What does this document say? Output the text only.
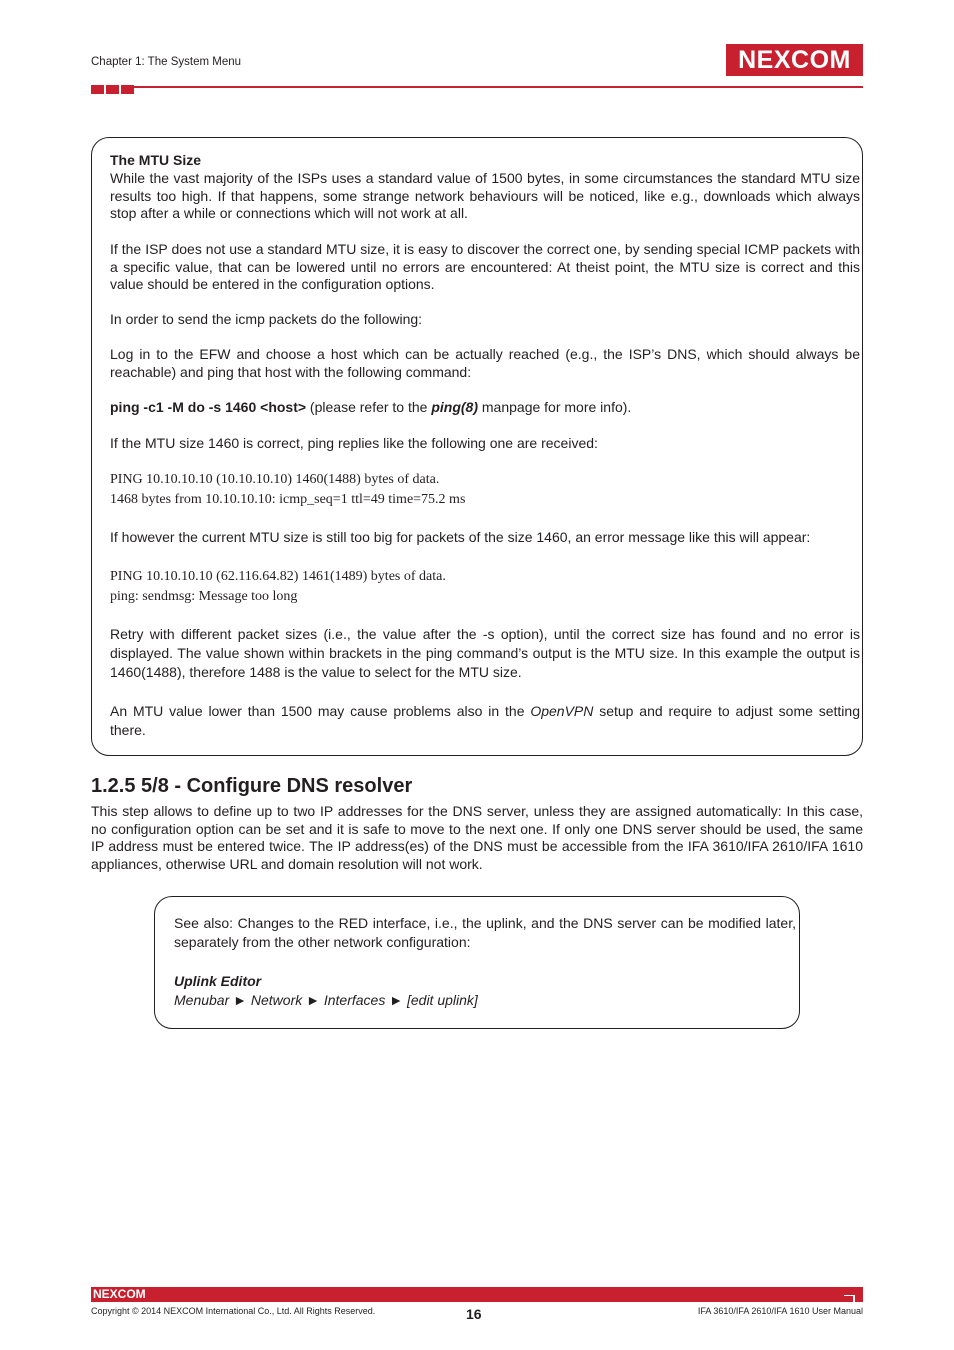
Chapter 1: The System Menu	NEXCOM
The MTU Size

While the vast majority of the ISPs uses a standard value of 1500 bytes, in some circumstances the standard MTU size results too high. If that happens, some strange network behaviours will be noticed, like e.g., downloads which always stop after a while or connections which will not work at all.

If the ISP does not use a standard MTU size, it is easy to discover the correct one, by sending special ICMP packets with a specific value, that can be lowered until no errors are encountered: At theist point, the MTU size is correct and this value should be entered in the configuration options.

In order to send the icmp packets do the following:

Log in to the EFW and choose a host which can be actually reached (e.g., the ISP’s DNS, which should always be reachable) and ping that host with the following command:

ping -c1 -M do -s 1460 <host> (please refer to the ping(8) manpage for more info).

If the MTU size 1460 is correct, ping replies like the following one are received:

PING 10.10.10.10 (10.10.10.10) 1460(1488) bytes of data.
1468 bytes from 10.10.10.10: icmp_seq=1 ttl=49 time=75.2 ms

If however the current MTU size is still too big for packets of the size 1460, an error message like this will appear:

PING 10.10.10.10 (62.116.64.82) 1461(1489) bytes of data.
ping: sendmsg: Message too long

Retry with different packet sizes (i.e., the value after the -s option), until the correct size has found and no error is displayed. The value shown within brackets in the ping command’s output is the MTU size. In this example the output is 1460(1488), therefore 1488 is the value to select for the MTU size.

An MTU value lower than 1500 may cause problems also in the OpenVPN setup and require to adjust some setting there.

1.2.5 5/8 - Configure DNS resolver

This step allows to define up to two IP addresses for the DNS server, unless they are assigned automatically: In this case, no configuration option can be set and it is safe to move to the next one. If only one DNS server should be used, the same IP address must be entered twice. The IP address(es) of the DNS must be accessible from the IFA 3610/IFA 2610/IFA 1610 appliances, otherwise URL and domain resolution will not work.

See also: Changes to the RED interface, i.e., the uplink, and the DNS server can be modified later, separately from the other network configuration:

Uplink Editor
Menubar ► Network ► Interfaces ► [edit uplink]
NEXCOM
Copyright © 2014 NEXCOM International Co., Ltd. All Rights Reserved.	16	IFA 3610/IFA 2610/IFA 1610 User Manual
